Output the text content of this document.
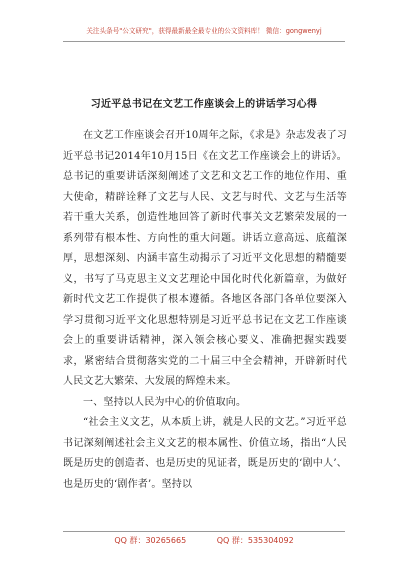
关注头条号"公文研究"，获得最新最全最专业的公文资料库！ 微信：gongwenyj
习近平总书记在文艺工作座谈会上的讲话学习心得

在文艺工作座谈会召开10周年之际，《求是》杂志发表了习近平总书记2014年10月15日《在文艺工作座谈会上的讲话》。总书记的重要讲话深刻阐述了文艺和文艺工作的地位作用、重大使命，精辟诠释了文艺与人民、文艺与时代、文艺与生活等若干重大关系，创造性地回答了新时代事关文艺繁荣发展的一系列带有根本性、方向性的重大问题。讲话立意高远、底蕴深厚，思想深刻、内涵丰富生动揭示了习近平文化思想的精髓要义，书写了马克思主义文艺理论中国化时代化新篇章，为做好新时代文艺工作提供了根本遵循。各地区各部门各单位要深入学习贯彻习近平文化思想特别是习近平总书记在文艺工作座谈会上的重要讲话精神，深入领会核心要义、准确把握实践要求，紧密结合贯彻落实党的二十届三中全会精神，开辟新时代人民文艺大繁荣、大发展的辉煌未来。

一、坚持以人民为中心的价值取向。

“社会主义文艺，从本质上讲，就是人民的文艺。”习近平总书记深刻阐述社会主义文艺的根本属性、价值立场，指出“人民既是历史的创造者、也是历史的见证者，既是历史的‘剧中人’、也是历史的‘剧作者’。坚持以

QQ 群：30265665	QQ 群：535304092
